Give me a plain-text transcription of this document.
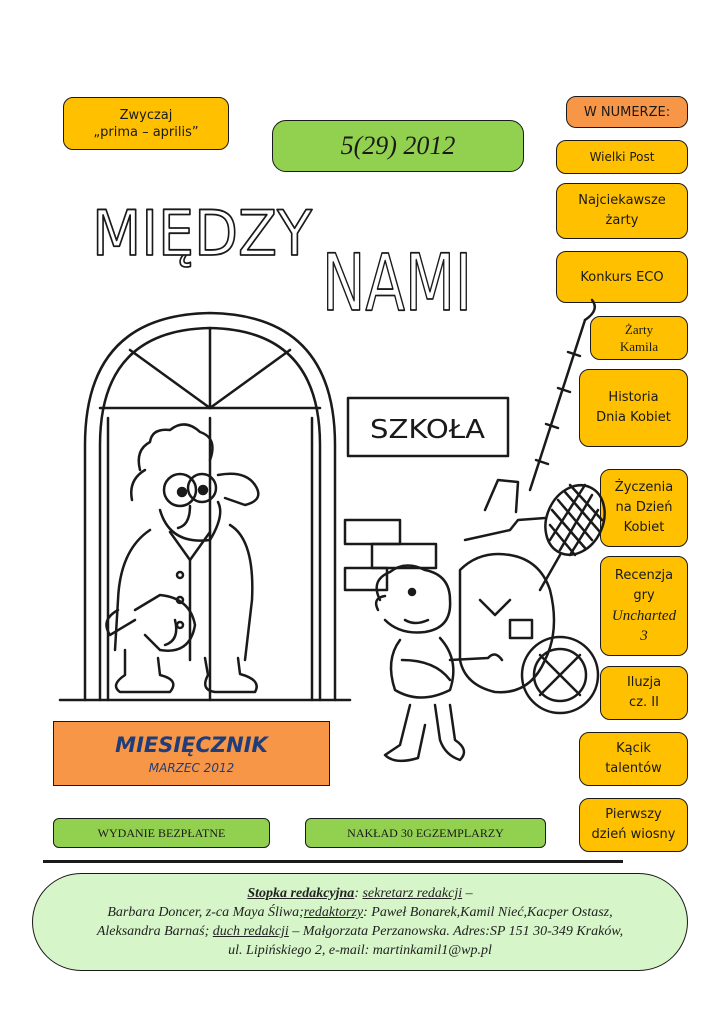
Zwyczaj
„prima – aprilis”	5(29) 2012
W NUMERZE:
Wielki Post
Najciekawsze
żarty
Konkurs ECO
Żarty
Kamila
Historia
Dnia Kobiet
Życzenia
na Dzień
Kobiet
Recenzja
gry
Uncharted
3
Iluzja
cz. II
Kącik
talentów
Pierwszy
dzień wiosny
MIĘDZY
NAMI
SZKOŁA
MIESIĘCZNIK
MARZEC 2012
WYDANIE BEZPŁATNE	NAKŁAD 30 EGZEMPLARZY
Stopka redakcyjna: sekretarz redakcji –
Barbara Doncer, z-ca Maya Śliwa;redaktorzy: Paweł Bonarek,Kamil Nieć,Kacper Ostasz,
Aleksandra Barnaś; duch redakcji – Małgorzata Perzanowska. Adres:SP 151 30-349 Kraków,
ul. Lipińskiego 2, e-mail: martinkamil1@wp.pl
